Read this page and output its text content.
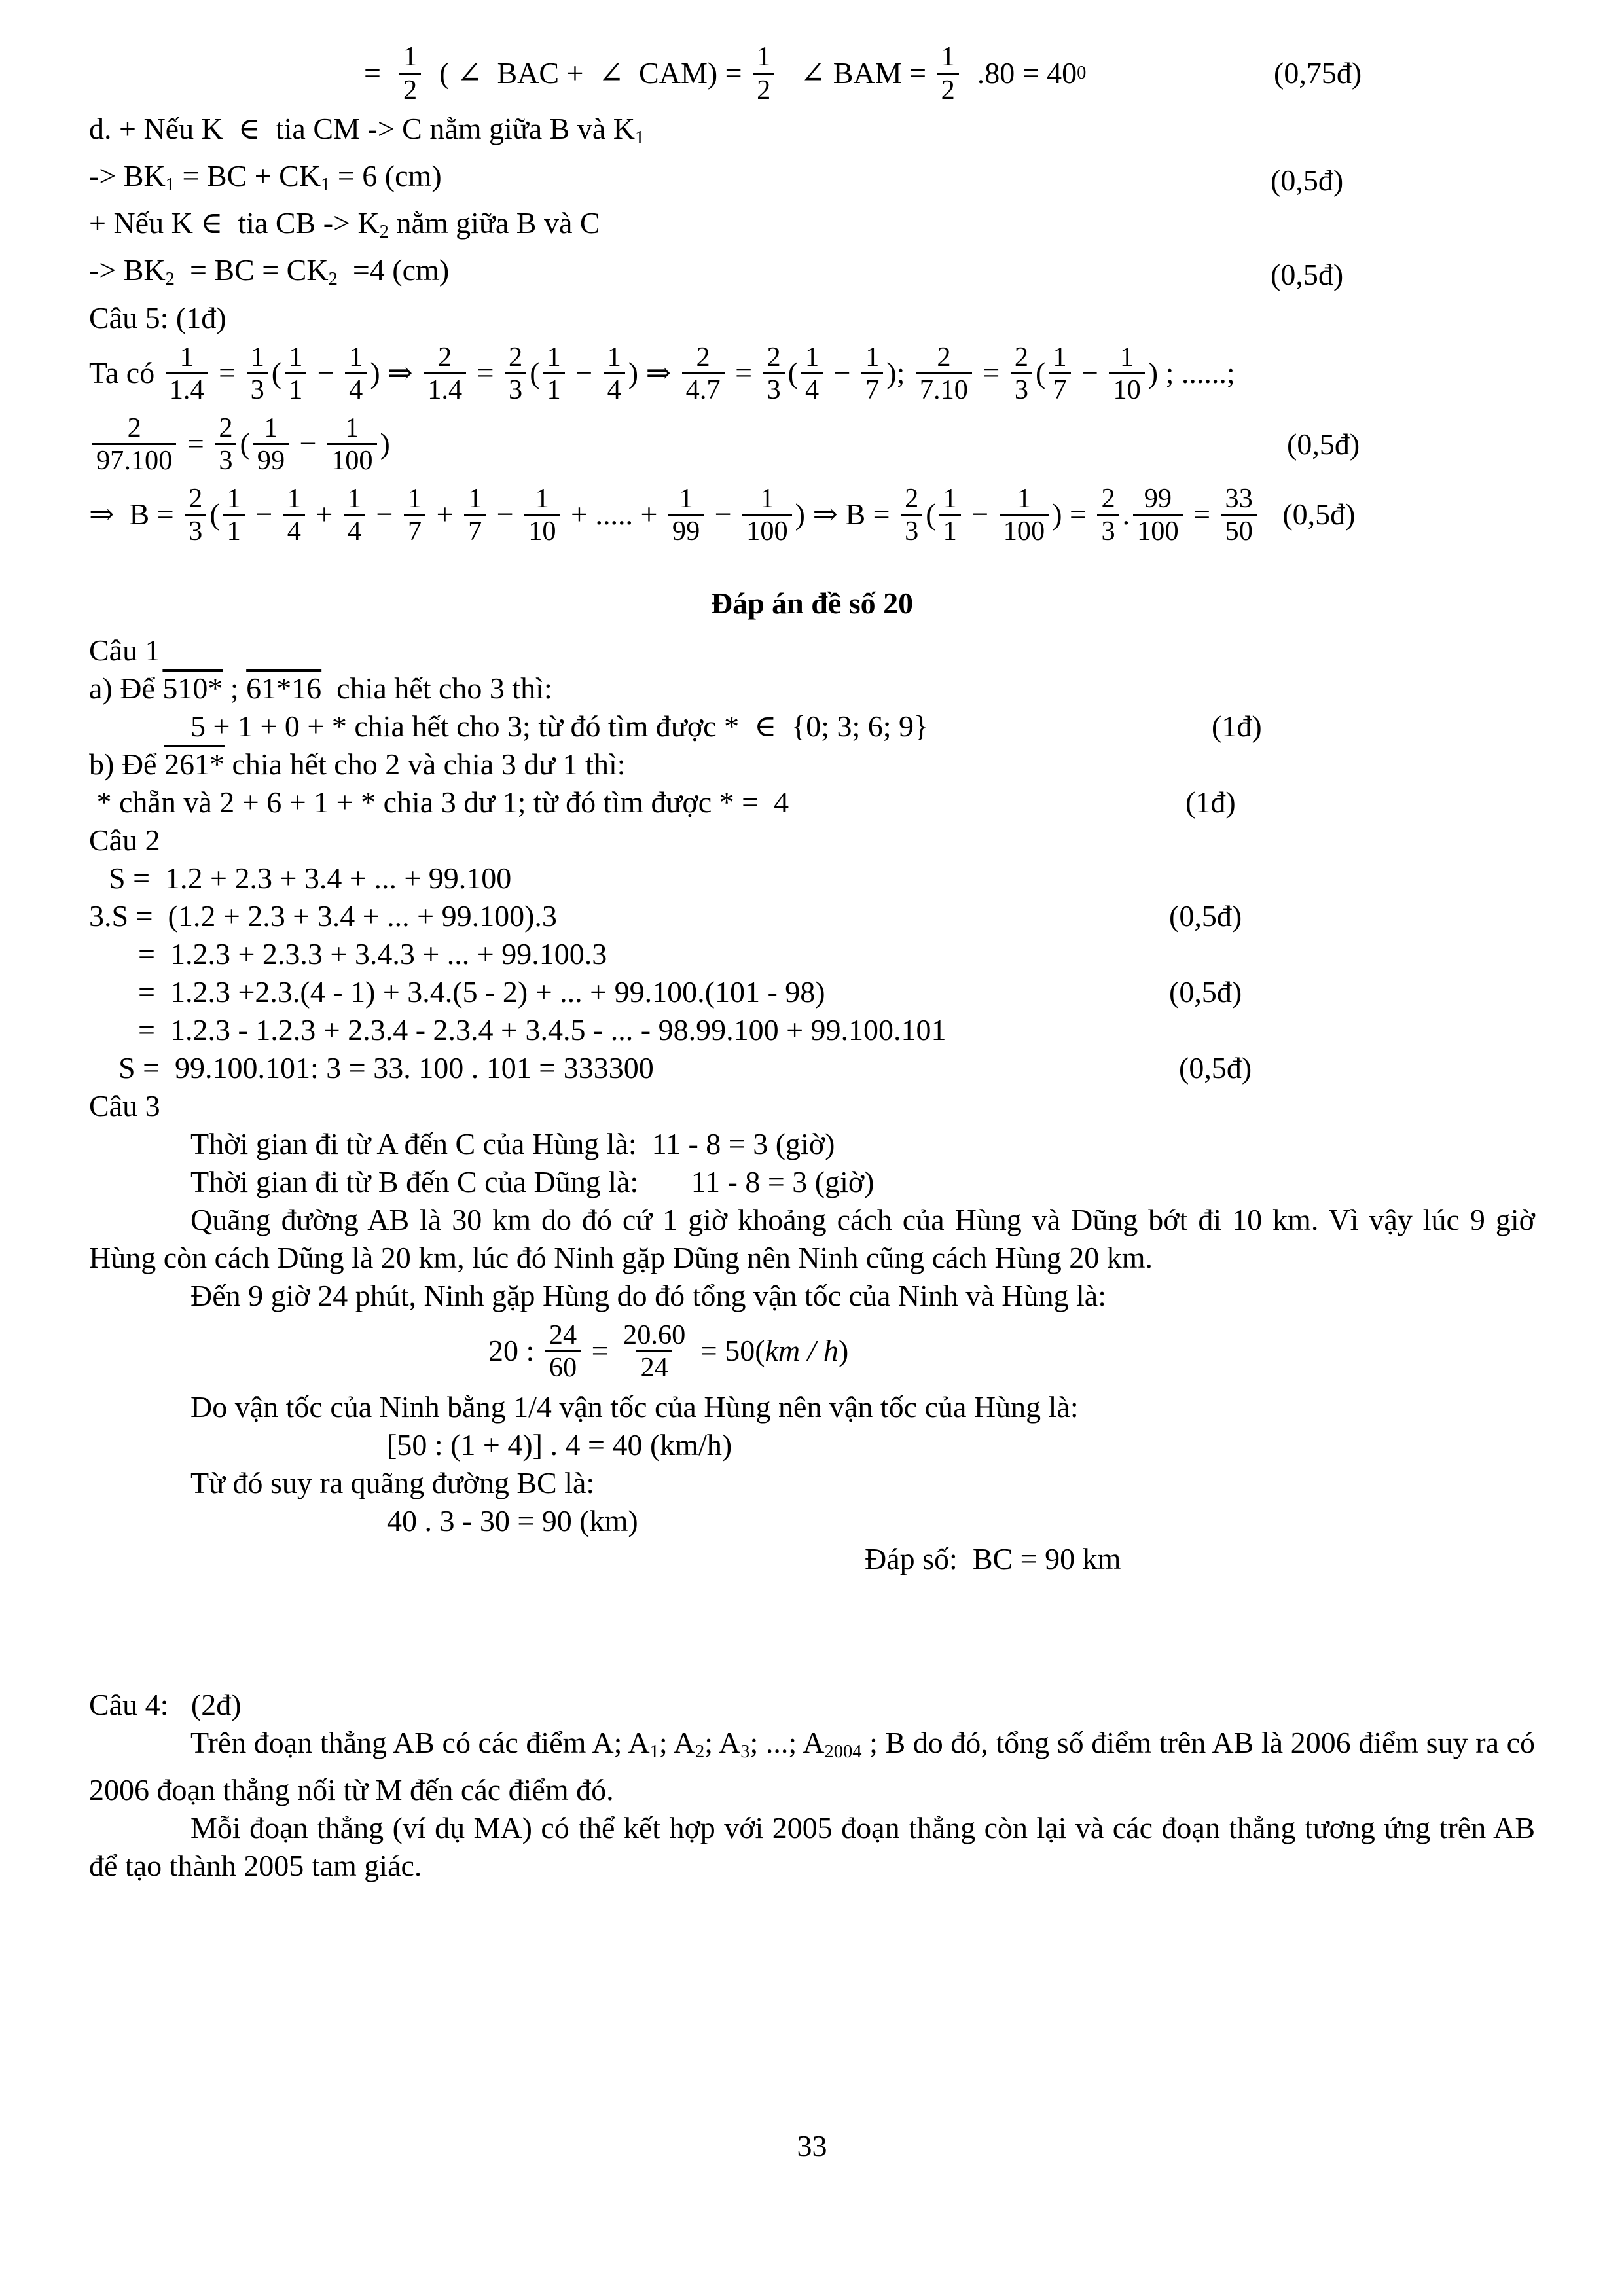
= $\frac{1}{2}$ ( ∠  BAC +  ∠  $CAM) = \frac{1}{2}$ ∠ BAM = $\frac{1}{2} .80 = 40$ 0	(0,75đ)
d. + Nếu K  ∈  tia CM -> C nằm giữa B và $K_1$
-> $BK_1$ = BC + $CK_1 = 6$ (cm)	(0,5đ)
+ Nếu K ∈  tia CB -> $K_2$ nằm giữa B và C
-> $BK_2$  = BC = $CK_2 =4$ (cm)	(0,5đ)
Câu 5: (1đ)
Ta có $\frac{1}{1.4} = \frac{1}{3}$ ( $\frac{1}{1} - \frac{1}{4}$ ) ⇒ $\frac{2}{1.4} = \frac{2}{3}$ ( $\frac{1}{1} - \frac{1}{4}$ ) ⇒ $\frac{2}{4.7} = \frac{2}{3}$ ( $\frac{1}{4} - \frac{1}{7}$ ); $\frac{2}{7.10} = \frac{2}{3}$ ( $\frac{1}{7} - \frac{1}{10}$ ) ; ......;
$\frac{2}{97.100} = \frac{2}{3}$ ( $\frac{1}{99} - \frac{1}{100}$ )	(0,5đ)
⇒  $B = \frac{2}{3}$ ( $\frac{1}{1} - \frac{1}{4} + \frac{1}{4} - \frac{1}{7} + \frac{1}{7} - \frac{1}{10}$ + ..... + $\frac{1}{99} - \frac{1}{100}$ ) ⇒ $B = \frac{2}{3}$ ( $\frac{1}{1} - \frac{1}{100}$ ) = $\frac{2}{3}$ . $\frac{99}{100} = \frac{33}{50}$ (0,5đ)
Đáp án đề số 20
Câu 1
a) Để 510* ; 61*16  chia hết cho 3 thì:
5 + 1 + 0 + * chia hết cho 3; từ đó tìm được *  ∈  {0; 3; 6; 9}	(1đ)
b) Để 261* chia hết cho 2 và chia 3 dư 1 thì:
* chẵn và 2 + 6 + 1 + * chia 3 dư 1; từ đó tìm được * =  4	(1đ)
Câu 2
S =  1.2 + 2.3 + 3.4 + ... + 99.100
3.S =  (1.2 + 2.3 + 3.4 + ... + 99.100).3	(0,5đ)
=  1.2.3 + 2.3.3 + 3.4.3 + ... + 99.100.3
=  1.2.3 +2.3.(4 - 1) + 3.4.(5 - 2) + ... + 99.100.(101 - 98)	(0,5đ)
=  1.2.3 - 1.2.3 + 2.3.4 - 2.3.4 + 3.4.5 - ... - 98.99.100 + 99.100.101
S =  99.100.101: 3 = 33. 100 . 101 = 333300	(0,5đ)
Câu 3
Thời gian đi từ A đến C của Hùng là:  11 - 8 = 3 (giờ)
Thời gian đi từ B đến C của Dũng là:       11 - 8 = 3 (giờ)
Quãng đường AB là 30 km do đó cứ 1 giờ khoảng cách của Hùng và Dũng bớt đi 10 km. Vì vậy lúc 9 giờ Hùng còn cách Dũng là 20 km, lúc đó Ninh gặp Dũng nên Ninh cũng cách Hùng 20 km.
Đến 9 giờ 24 phút, Ninh gặp Hùng do đó tổng vận tốc của Ninh và Hùng là:
20 : $\frac{24}{60} = \frac{20.60}{24} = 50$( km / h )
Do vận tốc của Ninh bằng 1/4 vận tốc của Hùng nên vận tốc của Hùng là:
[50 : (1 + 4)] . 4 = 40 (km/h)
Từ đó suy ra quãng đường BC là:
40 . 3 - 30 = 90 (km)
Đáp số:  BC = 90 km
Câu 4:   (2đ)
Trên đoạn thẳng AB có các điểm A; $A_1$; $A_2$; $A_3$; ...; $A_{2004}$ ; B do đó, tổng số điểm trên AB là 2006 điểm suy ra có 2006 đoạn thẳng nối từ M đến các điểm đó.
Mỗi đoạn thẳng (ví dụ MA) có thể kết hợp với 2005 đoạn thẳng còn lại và các đoạn thẳng tương ứng trên AB để tạo thành 2005 tam giác.
33
